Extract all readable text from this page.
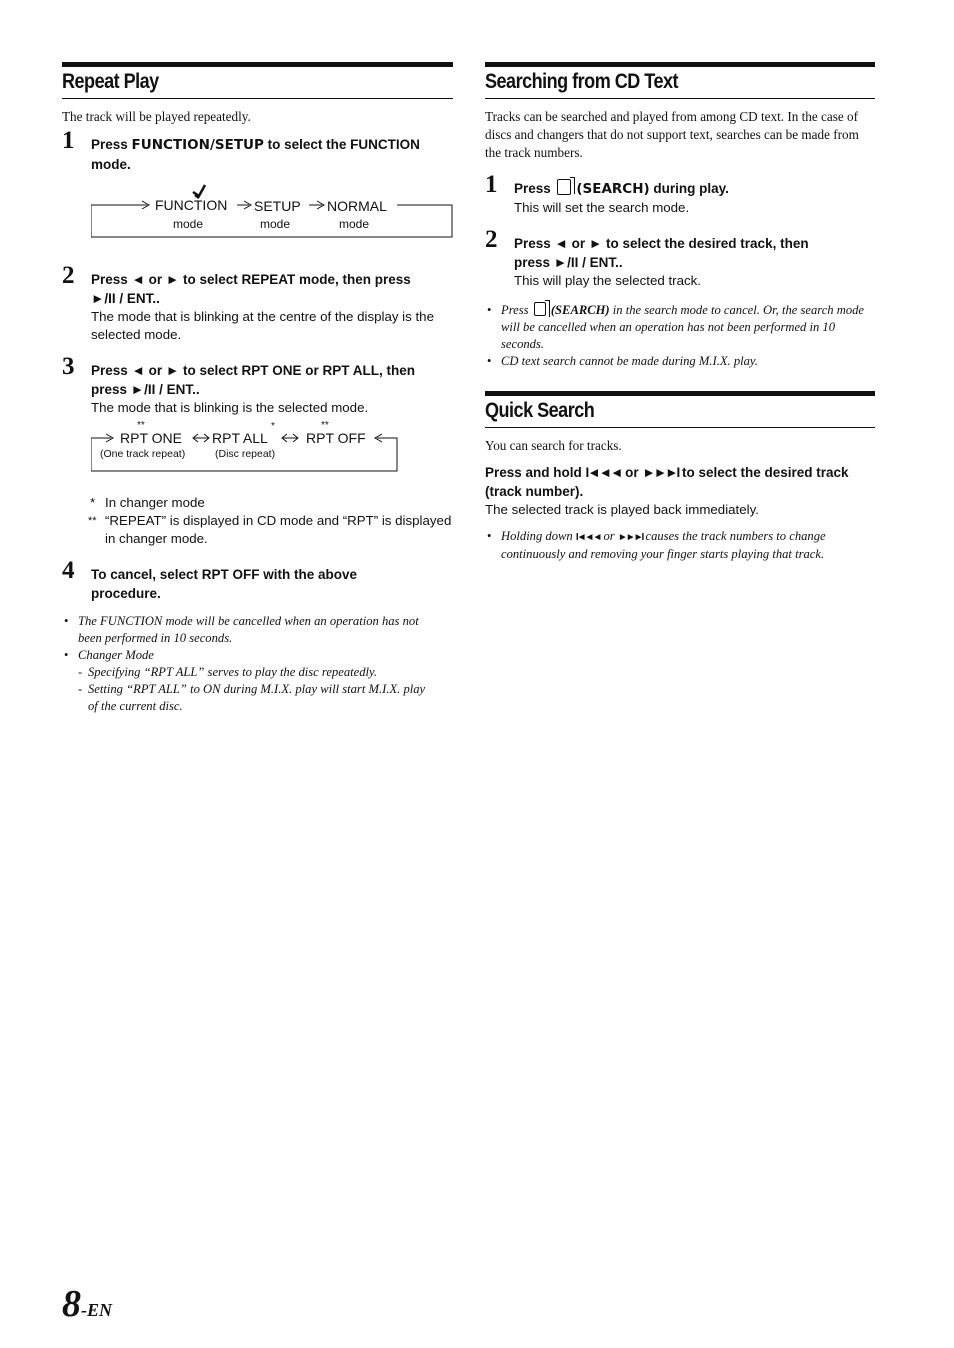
Repeat Play
The track will be played repeatedly.
1 Press FUNCTION/SETUP to select the FUNCTION mode.
FUNCTION SETUP NORMAL
mode	mode	mode
2 Press ◄ or ► to select REPEAT mode, then press
►/II / ENT..
The mode that is blinking at the centre of the display is the selected mode.
3 Press ◄ or ► to select RPT ONE or RPT ALL, then
press ►/II / ENT..
The mode that is blinking is the selected mode.
**
RPT ONE RPT ALL
*	**
RPT OFF
(One track repeat)	(Disc repeat)
* In changer mode
** “REPEAT” is displayed in CD mode and “RPT” is displayed in changer mode.
4 To cancel, select RPT OFF with the above procedure.
• The FUNCTION mode will be cancelled when an operation has not been performed in 10 seconds.
• Changer Mode
- Specifying “RPT ALL” serves to play the disc repeatedly.
- Setting “RPT ALL” to ON during M.I.X. play will start M.I.X. play of the current disc.
Searching from CD Text
Tracks can be searched and played from among CD text. In the case of discs and changers that do not support text, searches can be made from the track numbers.
1 Press (SEARCH) during play.
This will set the search mode.
2 Press ◄ or ► to select the desired track, then
press ►/II / ENT..
This will play the selected track.
• Press (SEARCH) in the search mode to cancel. Or, the search mode will be cancelled when an operation has not been performed in 10 seconds.
• CD text search cannot be made during M.I.X. play.
Quick Search
You can search for tracks.
Press and hold I◄◄◄ or ►►►I to select the desired track (track number).
The selected track is played back immediately.
• Holding down I◄◄◄ or ►►►I causes the track numbers to change continuously and removing your finger starts playing that track.
8-EN
